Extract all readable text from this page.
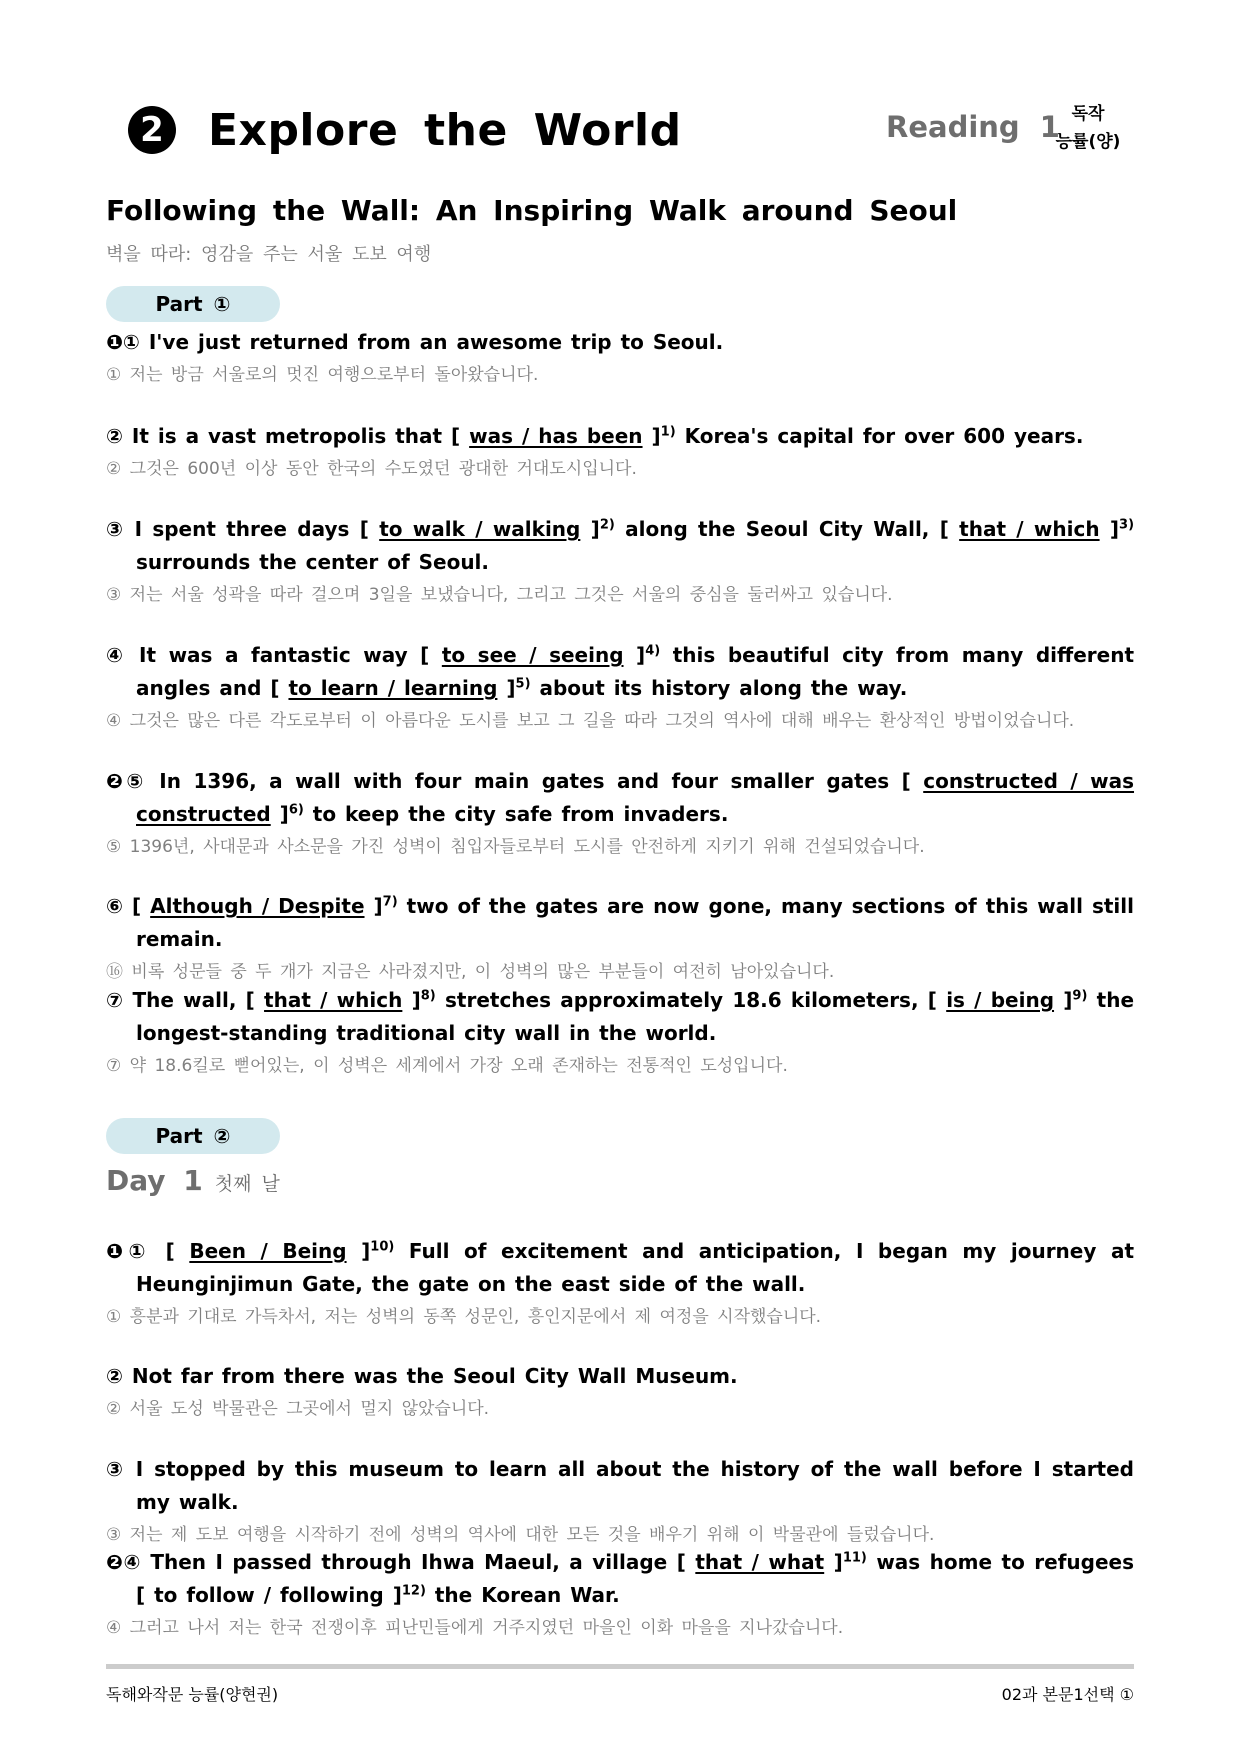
2 Explore the World	Reading 1 독작
능률(양)
Following the Wall: An Inspiring Walk around Seoul
벽을 따라: 영감을 주는 서울 도보 여행
Part ①
❶① I've just returned from an awesome trip to Seoul.
① 저는 방금 서울로의 멋진 여행으로부터 돌아왔습니다.
② It is a vast metropolis that [ was / has been ]$^{1)}$ Korea's capital for over 600 years.
② 그것은 600년 이상 동안 한국의 수도였던 광대한 거대도시입니다.
③ I spent three days [ to walk / walking ]$^{2)}$ along the Seoul City Wall, [ that / which ]$^{3)}$ surrounds the center of Seoul.
③ 저는 서울 성곽을 따라 걸으며 3일을 보냈습니다, 그리고 그것은 서울의 중심을 둘러싸고 있습니다.
④ It was a fantastic way [ to see / seeing ]$^{4)}$ this beautiful city from many different angles and [ to learn / learning ]$^{5)}$ about its history along the way.
④ 그것은 많은 다른 각도로부터 이 아름다운 도시를 보고 그 길을 따라 그것의 역사에 대해 배우는 환상적인 방법이었습니다.
❷⑤ In 1396, a wall with four main gates and four smaller gates [ constructed / was constructed ]$^{6)}$ to keep the city safe from invaders.
⑤ 1396년, 사대문과 사소문을 가진 성벽이 침입자들로부터 도시를 안전하게 지키기 위해 건설되었습니다.
⑥ [ Although / Despite ]$^{7)}$ two of the gates are now gone, many sections of this wall still remain.
⑯ 비록 성문들 중 두 개가 지금은 사라졌지만, 이 성벽의 많은 부분들이 여전히 남아있습니다.
⑦ The wall, [ that / which ]$^{8)}$ stretches approximately 18.6 kilometers, [ is / being ]$^{9)}$ the longest-standing traditional city wall in the world.
⑦ 약 18.6킬로 뻗어있는, 이 성벽은 세계에서 가장 오래 존재하는 전통적인 도성입니다.
Part ②
Day 1 첫째 날
❶① [ Been / Being ]$^{10)}$ Full of excitement and anticipation, I began my journey at Heunginjimun Gate, the gate on the east side of the wall.
① 흥분과 기대로 가득차서, 저는 성벽의 동쪽 성문인, 흥인지문에서 제 여정을 시작했습니다.
② Not far from there was the Seoul City Wall Museum.
② 서울 도성 박물관은 그곳에서 멀지 않았습니다.
③ I stopped by this museum to learn all about the history of the wall before I started my walk.
③ 저는 제 도보 여행을 시작하기 전에 성벽의 역사에 대한 모든 것을 배우기 위해 이 박물관에 들렀습니다.
❷④ Then I passed through Ihwa Maeul, a village [ that / what ]$^{11)}$ was home to refugees [ to follow / following ]$^{12)}$ the Korean War.
④ 그러고 나서 저는 한국 전쟁이후 피난민들에게 거주지였던 마을인 이화 마을을 지나갔습니다.
독해와작문 능률(양현권)	02과 본문1선택 ①
